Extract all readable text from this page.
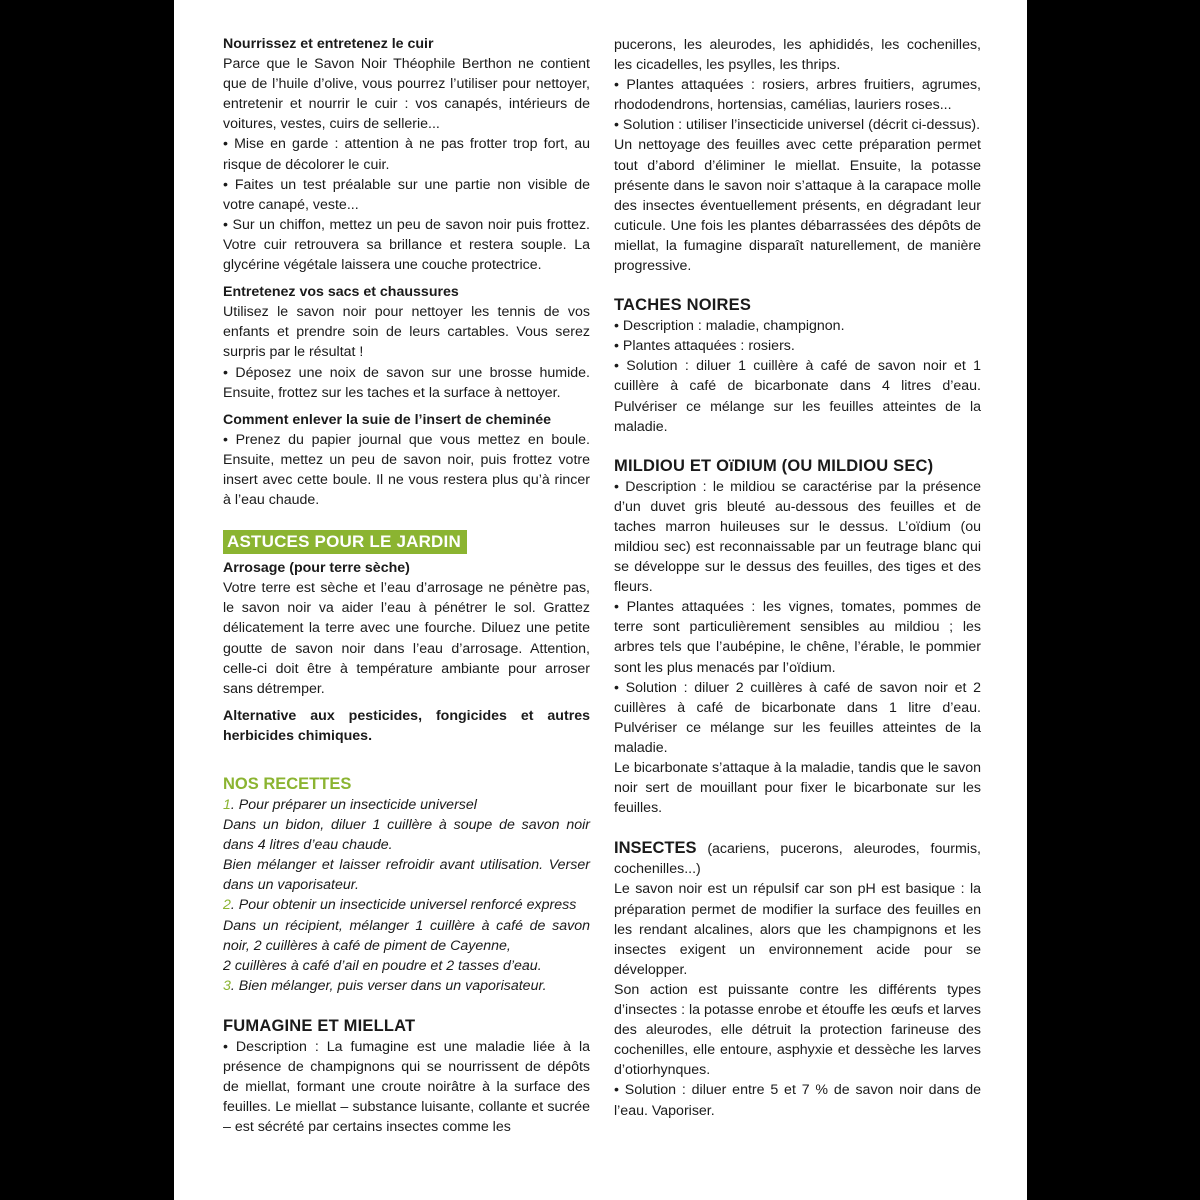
Nourrissez et entretenez le cuir

Parce que le Savon Noir Théophile Berthon ne contient que de l’huile d’olive, vous pourrez l’utiliser pour nettoyer, entretenir et nourrir le cuir : vos canapés, intérieurs de voitures, vestes, cuirs de sellerie...

• Mise en garde : attention à ne pas frotter trop fort, au risque de décolorer le cuir.

• Faites un test préalable sur une partie non visible de votre canapé, veste...

• Sur un chiffon, mettez un peu de savon noir puis frottez. Votre cuir retrouvera sa brillance et restera souple. La glycérine végétale laissera une couche protectrice.

Entretenez vos sacs et chaussures

Utilisez le savon noir pour nettoyer les tennis de vos enfants et prendre soin de leurs cartables. Vous serez surpris par le résultat !

• Déposez une noix de savon sur une brosse humide. Ensuite, frottez sur les taches et la surface à nettoyer.

Comment enlever la suie de l’insert de cheminée

• Prenez du papier journal que vous mettez en boule. Ensuite, mettez un peu de savon noir, puis frottez votre insert avec cette boule. Il ne vous restera plus qu’à rincer à l’eau chaude.

ASTUCES POUR LE JARDIN

Arrosage (pour terre sèche)

Votre terre est sèche et l’eau d’arrosage ne pénètre pas, le savon noir va aider l’eau à pénétrer le sol. Grattez délicatement la terre avec une fourche. Diluez une petite goutte de savon noir dans l’eau d’arrosage. Attention, celle-ci doit être à température ambiante pour arroser sans détremper.

Alternative aux pesticides, fongicides et autres herbicides chimiques.

NOS RECETTES

1. Pour préparer un insecticide universel

Dans un bidon, diluer 1 cuillère à soupe de savon noir dans 4 litres d’eau chaude.

Bien mélanger et laisser refroidir avant utilisation. Verser dans un vaporisateur.

2. Pour obtenir un insecticide universel renforcé express

Dans un récipient, mélanger 1 cuillère à café de savon noir, 2 cuillères à café de piment de Cayenne,

2 cuillères à café d’ail en poudre et 2 tasses d’eau.

3. Bien mélanger, puis verser dans un vaporisateur.

FUMAGINE ET MIELLAT

• Description : La fumagine est une maladie liée à la présence de champignons qui se nourrissent de dépôts de miellat, formant une croute noirâtre à la surface des feuilles. Le miellat – substance luisante, collante et sucrée – est sécrété par certains insectes comme les

pucerons, les aleurodes, les aphididés, les cochenilles, les cicadelles, les psylles, les thrips.

• Plantes attaquées : rosiers, arbres fruitiers, agrumes, rhododendrons, hortensias, camélias, lauriers roses...

• Solution : utiliser l’insecticide universel (décrit ci-dessus).

Un nettoyage des feuilles avec cette préparation permet tout d’abord d’éliminer le miellat. Ensuite, la potasse présente dans le savon noir s’attaque à la carapace molle des insectes éventuellement présents, en dégradant leur cuticule. Une fois les plantes débarrassées des dépôts de miellat, la fumagine disparaît naturellement, de manière progressive.

TACHES NOIRES

• Description : maladie, champignon.

• Plantes attaquées : rosiers.

• Solution : diluer 1 cuillère à café de savon noir et 1 cuillère à café de bicarbonate dans 4 litres d’eau. Pulvériser ce mélange sur les feuilles atteintes de la maladie.

MILDIOU ET OïDIUM (OU MILDIOU SEC)

• Description : le mildiou se caractérise par la présence d’un duvet gris bleuté au-dessous des feuilles et de taches marron huileuses sur le dessus. L’oïdium (ou mildiou sec) est reconnaissable par un feutrage blanc qui se développe sur le dessus des feuilles, des tiges et des fleurs.

• Plantes attaquées : les vignes, tomates, pommes de terre sont particulièrement sensibles au mildiou ; les arbres tels que l’aubépine, le chêne, l’érable, le pommier sont les plus menacés par l’oïdium.

• Solution : diluer 2 cuillères à café de savon noir et 2 cuillères à café de bicarbonate dans 1 litre d’eau. Pulvériser ce mélange sur les feuilles atteintes de la maladie.

Le bicarbonate s’attaque à la maladie, tandis que le savon noir sert de mouillant pour fixer le bicarbonate sur les feuilles.

INSECTES (acariens, pucerons, aleurodes, fourmis, cochenilles...)

Le savon noir est un répulsif car son pH est basique : la préparation permet de modifier la surface des feuilles en les rendant alcalines, alors que les champignons et les insectes exigent un environnement acide pour se développer.

Son action est puissante contre les différents types d’insectes : la potasse enrobe et étouffe les œufs et larves des aleurodes, elle détruit la protection farineuse des cochenilles, elle entoure, asphyxie et dessèche les larves d’otiorhynques.

• Solution : diluer entre 5 et 7 % de savon noir dans de l’eau. Vaporiser.
